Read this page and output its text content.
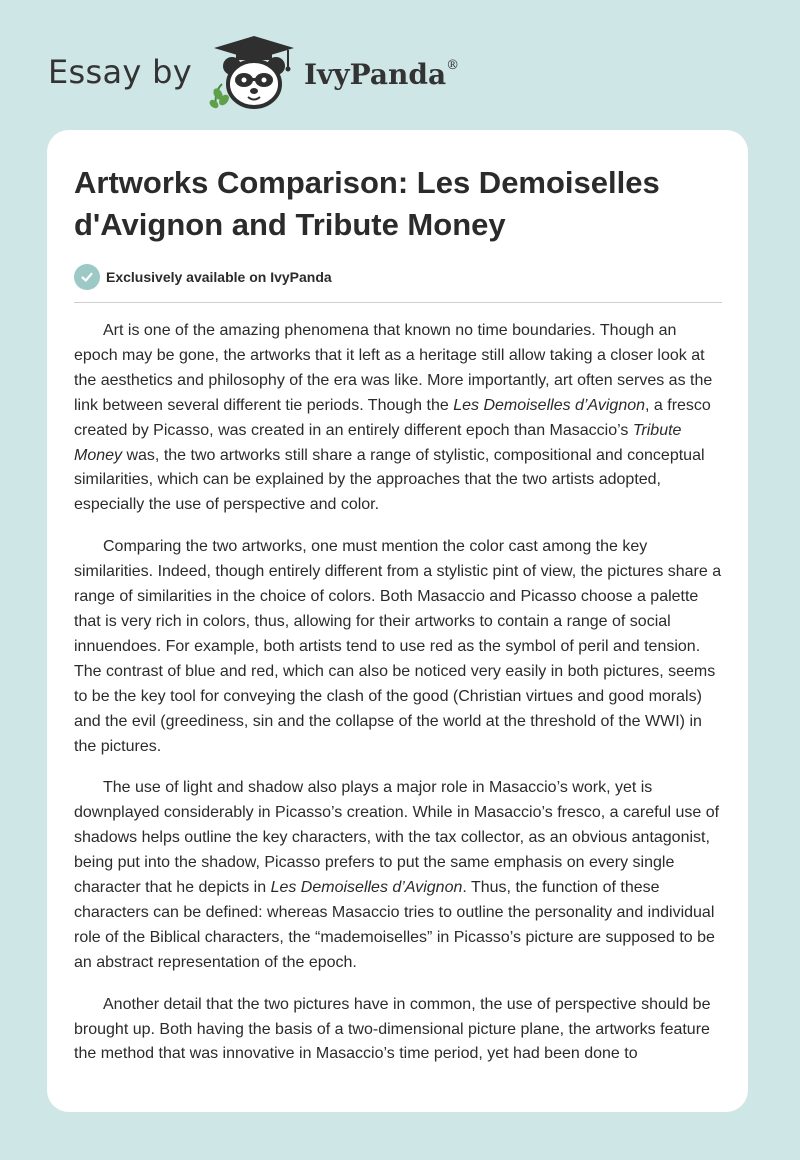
Essay by	IvyPanda®
Artworks Comparison: Les Demoiselles d'Avignon and Tribute Money
Exclusively available on IvyPanda

Art is one of the amazing phenomena that known no time boundaries. Though an epoch may be gone, the artworks that it left as a heritage still allow taking a closer look at the aesthetics and philosophy of the era was like. More importantly, art often serves as the link between several different tie periods. Though the Les Demoiselles d’Avignon, a fresco created by Picasso, was created in an entirely different epoch than Masaccio’s Tribute Money was, the two artworks still share a range of stylistic, compositional and conceptual similarities, which can be explained by the approaches that the two artists adopted, especially the use of perspective and color.

Comparing the two artworks, one must mention the color cast among the key similarities. Indeed, though entirely different from a stylistic pint of view, the pictures share a range of similarities in the choice of colors. Both Masaccio and Picasso choose a palette that is very rich in colors, thus, allowing for their artworks to contain a range of social innuendoes. For example, both artists tend to use red as the symbol of peril and tension. The contrast of blue and red, which can also be noticed very easily in both pictures, seems to be the key tool for conveying the clash of the good (Christian virtues and good morals) and the evil (greediness, sin and the collapse of the world at the threshold of the WWI) in the pictures.

The use of light and shadow also plays a major role in Masaccio’s work, yet is downplayed considerably in Picasso’s creation. While in Masaccio’s fresco, a careful use of shadows helps outline the key characters, with the tax collector, as an obvious antagonist, being put into the shadow, Picasso prefers to put the same emphasis on every single character that he depicts in Les Demoiselles d’Avignon. Thus, the function of these characters can be defined: whereas Masaccio tries to outline the personality and individual role of the Biblical characters, the “mademoiselles” in Picasso’s picture are supposed to be an abstract representation of the epoch.

Another detail that the two pictures have in common, the use of perspective should be brought up. Both having the basis of a two-dimensional picture plane, the artworks feature the method that was innovative in Masaccio’s time period, yet had been done to
